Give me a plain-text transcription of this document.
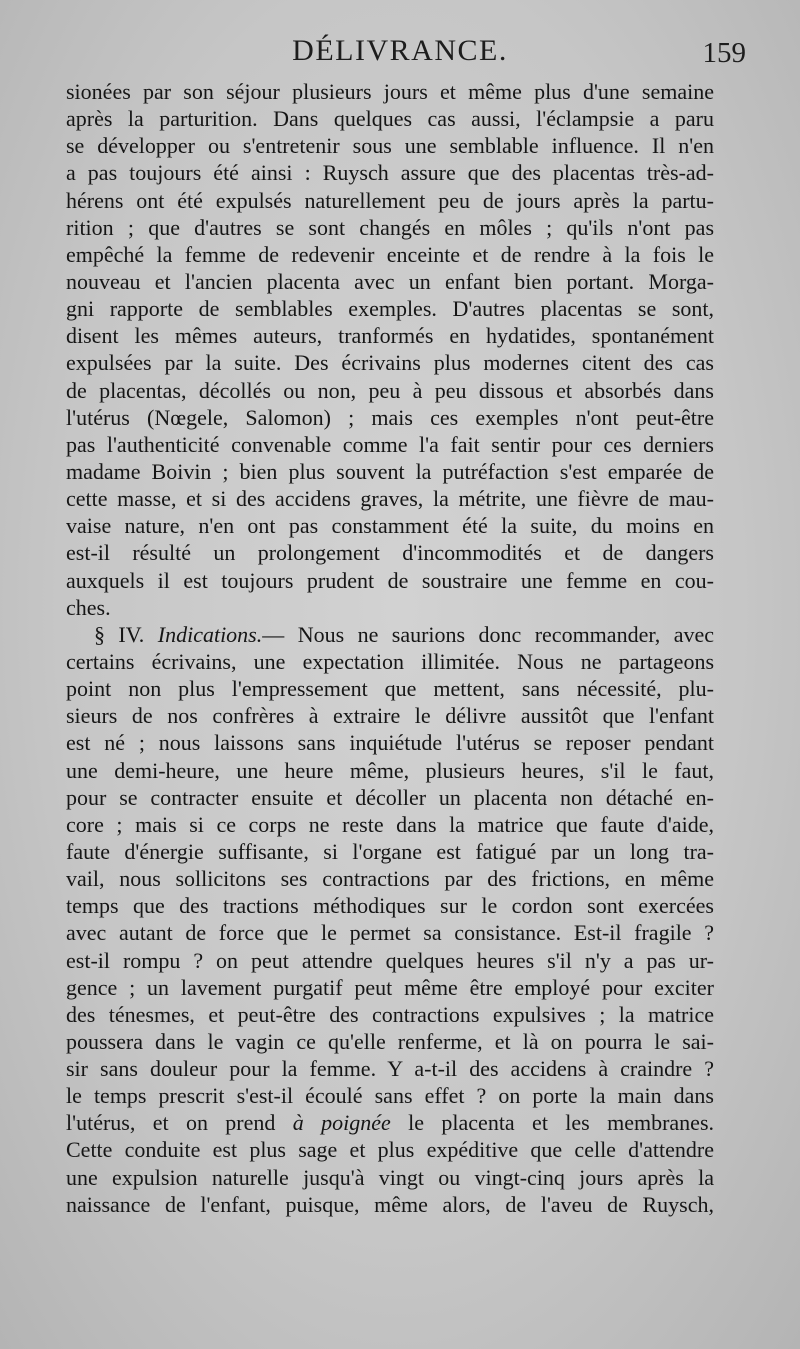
DÉLIVRANCE.	159
sionées par son séjour plusieurs jours et même plus d'une semaine
après la parturition. Dans quelques cas aussi, l'éclampsie a paru
se développer ou s'entretenir sous une semblable influence. Il n'en
a pas toujours été ainsi : Ruysch assure que des placentas très-ad-
hérens ont été expulsés naturellement peu de jours après la partu-
rition ; que d'autres se sont changés en môles ; qu'ils n'ont pas
empêché la femme de redevenir enceinte et de rendre à la fois le
nouveau et l'ancien placenta avec un enfant bien portant. Morga-
gni rapporte de semblables exemples. D'autres placentas se sont,
disent les mêmes auteurs, tranformés en hydatides, spontanément
expulsées par la suite. Des écrivains plus modernes citent des cas
de placentas, décollés ou non, peu à peu dissous et absorbés dans
l'utérus (Nœgele, Salomon) ; mais ces exemples n'ont peut-être
pas l'authenticité convenable comme l'a fait sentir pour ces derniers
madame Boivin ; bien plus souvent la putréfaction s'est emparée de
cette masse, et si des accidens graves, la métrite, une fièvre de mau-
vaise nature, n'en ont pas constamment été la suite, du moins en
est-il résulté un prolongement d'incommodités et de dangers
auxquels il est toujours prudent de soustraire une femme en cou-
ches.
§ IV. Indications.— Nous ne saurions donc recommander, avec
certains écrivains, une expectation illimitée. Nous ne partageons
point non plus l'empressement que mettent, sans nécessité, plu-
sieurs de nos confrères à extraire le délivre aussitôt que l'enfant
est né ; nous laissons sans inquiétude l'utérus se reposer pendant
une demi-heure, une heure même, plusieurs heures, s'il le faut,
pour se contracter ensuite et décoller un placenta non détaché en-
core ; mais si ce corps ne reste dans la matrice que faute d'aide,
faute d'énergie suffisante, si l'organe est fatigué par un long tra-
vail, nous sollicitons ses contractions par des frictions, en même
temps que des tractions méthodiques sur le cordon sont exercées
avec autant de force que le permet sa consistance. Est-il fragile ?
est-il rompu ? on peut attendre quelques heures s'il n'y a pas ur-
gence ; un lavement purgatif peut même être employé pour exciter
des ténesmes, et peut-être des contractions expulsives ; la matrice
poussera dans le vagin ce qu'elle renferme, et là on pourra le sai-
sir sans douleur pour la femme. Y a-t-il des accidens à craindre ?
le temps prescrit s'est-il écoulé sans effet ? on porte la main dans
l'utérus, et on prend à poignée le placenta et les membranes.
Cette conduite est plus sage et plus expéditive que celle d'attendre
une expulsion naturelle jusqu'à vingt ou vingt-cinq jours après la
naissance de l'enfant, puisque, même alors, de l'aveu de Ruysch,
